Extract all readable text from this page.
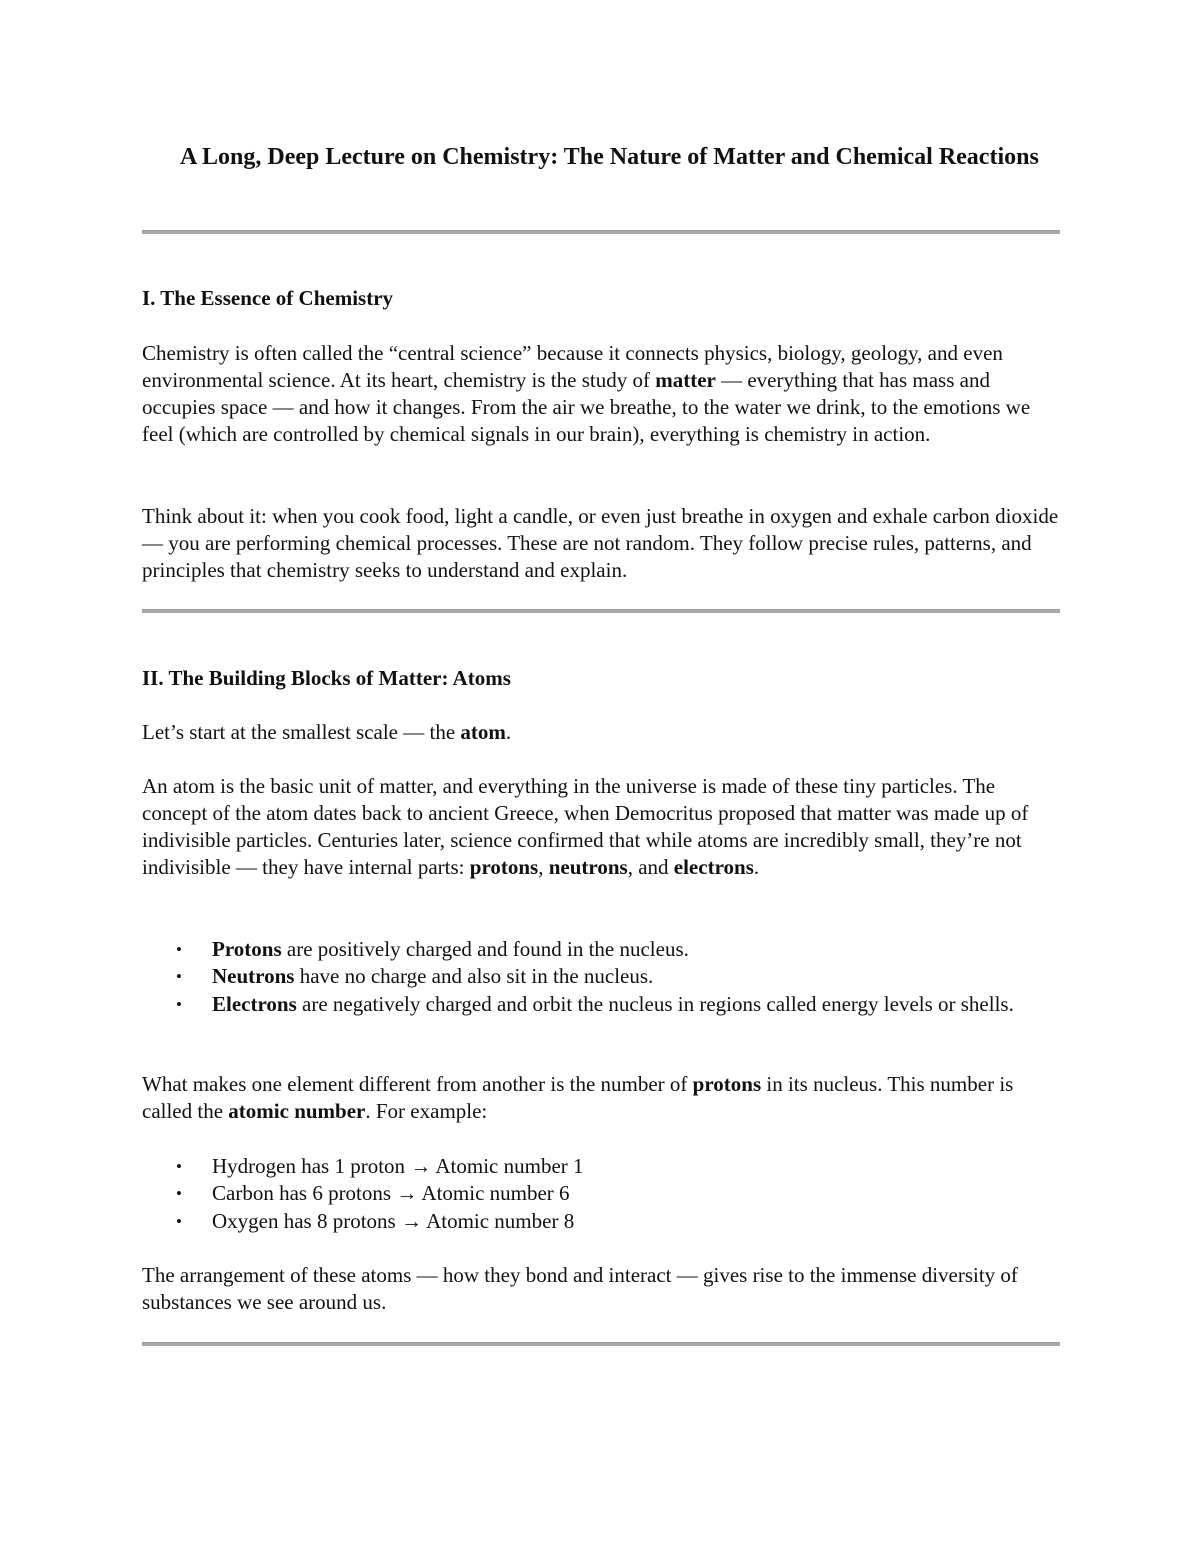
A Long, Deep Lecture on Chemistry: The Nature of Matter and Chemical Reactions
I. The Essence of Chemistry

Chemistry is often called the “central science” because it connects physics, biology, geology, and even environmental science. At its heart, chemistry is the study of matter — everything that has mass and occupies space — and how it changes. From the air we breathe, to the water we drink, to the emotions we feel (which are controlled by chemical signals in our brain), everything is chemistry in action.

Think about it: when you cook food, light a candle, or even just breathe in oxygen and exhale carbon dioxide — you are performing chemical processes. These are not random. They follow precise rules, patterns, and principles that chemistry seeks to understand and explain.

II. The Building Blocks of Matter: Atoms

Let’s start at the smallest scale — the atom.

An atom is the basic unit of matter, and everything in the universe is made of these tiny particles. The concept of the atom dates back to ancient Greece, when Democritus proposed that matter was made up of indivisible particles. Centuries later, science confirmed that while atoms are incredibly small, they’re not indivisible — they have internal parts: protons, neutrons, and electrons.

• Protons are positively charged and found in the nucleus.
• Neutrons have no charge and also sit in the nucleus.
• Electrons are negatively charged and orbit the nucleus in regions called energy levels or shells.

What makes one element different from another is the number of protons in its nucleus. This number is called the atomic number. For example:

• Hydrogen has 1 proton → Atomic number 1
• Carbon has 6 protons → Atomic number 6
• Oxygen has 8 protons → Atomic number 8

The arrangement of these atoms — how they bond and interact — gives rise to the immense diversity of substances we see around us.
